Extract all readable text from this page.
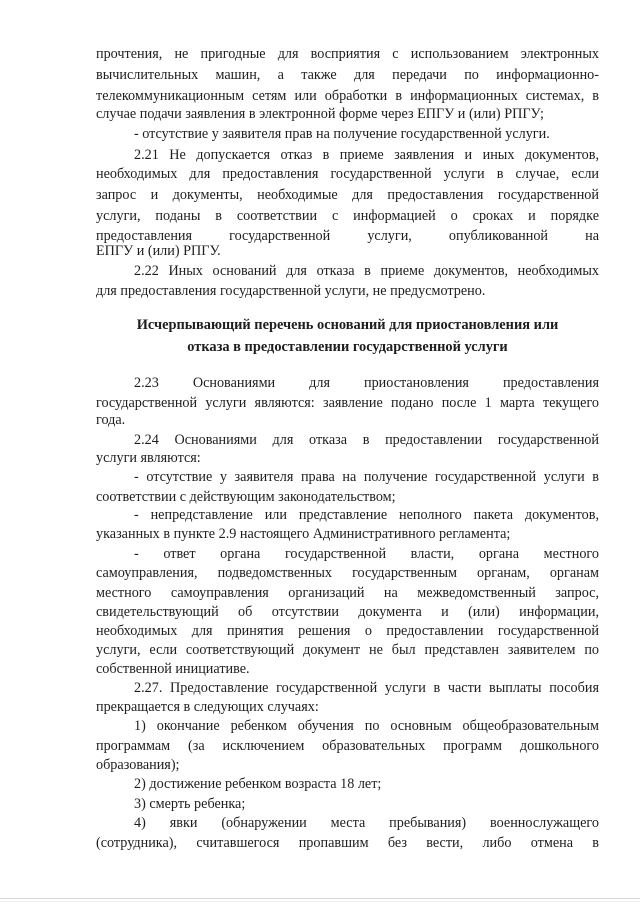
прочтения, не пригодные для восприятия с использованием электронных
вычислительных машин, а также для передачи по информационно-
телекоммуникационным сетям или обработки в информационных системах, в
случае подачи заявления в электронной форме через ЕПГУ и (или) РПГУ;
- отсутствие у заявителя прав на получение государственной услуги.
2.21 Не допускается отказ в приеме заявления и иных документов,
необходимых для предоставления государственной услуги в случае, если
запрос и документы, необходимые для предоставления государственной
услуги, поданы в соответствии с информацией о сроках и порядке
предоставления государственной услуги, опубликованной на
ЕПГУ и (или) РПГУ.
2.22 Иных оснований для отказа в приеме документов, необходимых
для предоставления государственной услуги, не предусмотрено.
Исчерпывающий перечень оснований для приостановления или
отказа в предоставлении государственной услуги
2.23 Основаниями для приостановления предоставления
государственной услуги являются: заявление подано после 1 марта текущего
года.
2.24 Основаниями для отказа в предоставлении государственной
услуги являются:
- отсутствие у заявителя права на получение государственной услуги в
соответствии с действующим законодательством;
- непредставление или представление неполного пакета документов,
указанных в пункте 2.9 настоящего Административного регламента;
- ответ органа государственной власти, органа местного
самоуправления, подведомственных государственным органам, органам
местного самоуправления организаций на межведомственный запрос,
свидетельствующий об отсутствии документа и (или) информации,
необходимых для принятия решения о предоставлении государственной
услуги, если соответствующий документ не был представлен заявителем по
собственной инициативе.
2.27. Предоставление государственной услуги в части выплаты пособия
прекращается в следующих случаях:
1) окончание ребенком обучения по основным общеобразовательным
программам (за исключением образовательных программ дошкольного
образования);
2) достижение ребенком возраста 18 лет;
3) смерть ребенка;
4) явки (обнаружении места пребывания) военнослужащего
(сотрудника), считавшегося пропавшим без вести, либо отмена в
